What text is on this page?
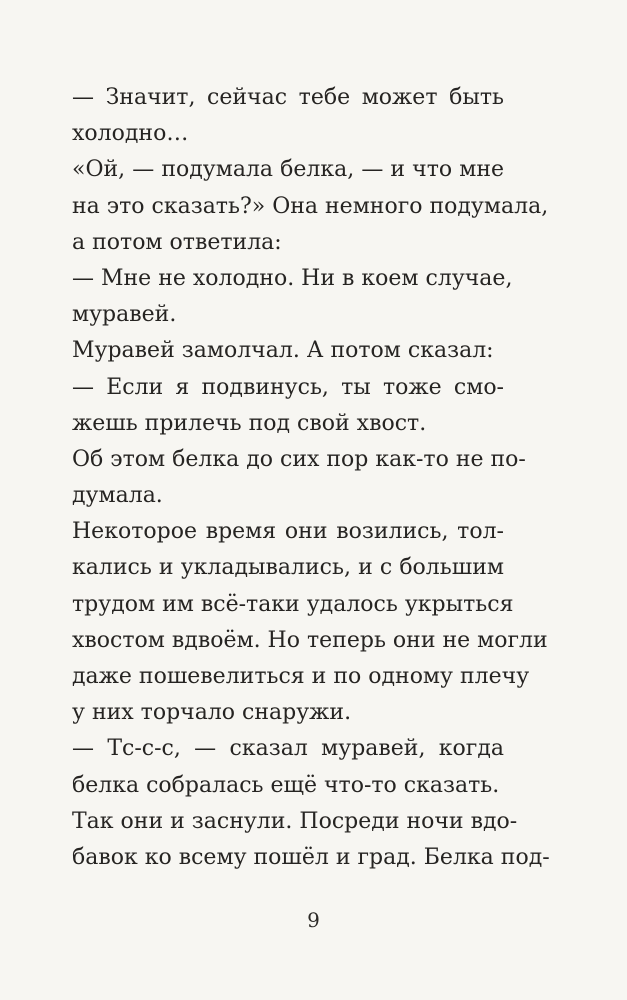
— Значит, сейчас тебе может быть
холодно…
«Ой, — подумала белка, — и что мне
на это сказать?» Она немного подумала,
а потом ответила:
— Мне не холодно. Ни в коем случае,
муравей.
Муравей замолчал. А потом сказал:
— Если я подвинусь, ты тоже смо-
жешь прилечь под свой хвост.
Об этом белка до сих пор как-то не по-
думала.
Некоторое время они возились, тол-
кались и укладывались, и с большим
трудом им всё-таки удалось укрыться
хвостом вдвоём. Но теперь они не могли
даже пошевелиться и по одному плечу
у них торчало снаружи.
— Тс-с-с, — сказал муравей, когда
белка собралась ещё что-то сказать.
Так они и заснули. Посреди ночи вдо-
бавок ко всему пошёл и град. Белка под-
9
